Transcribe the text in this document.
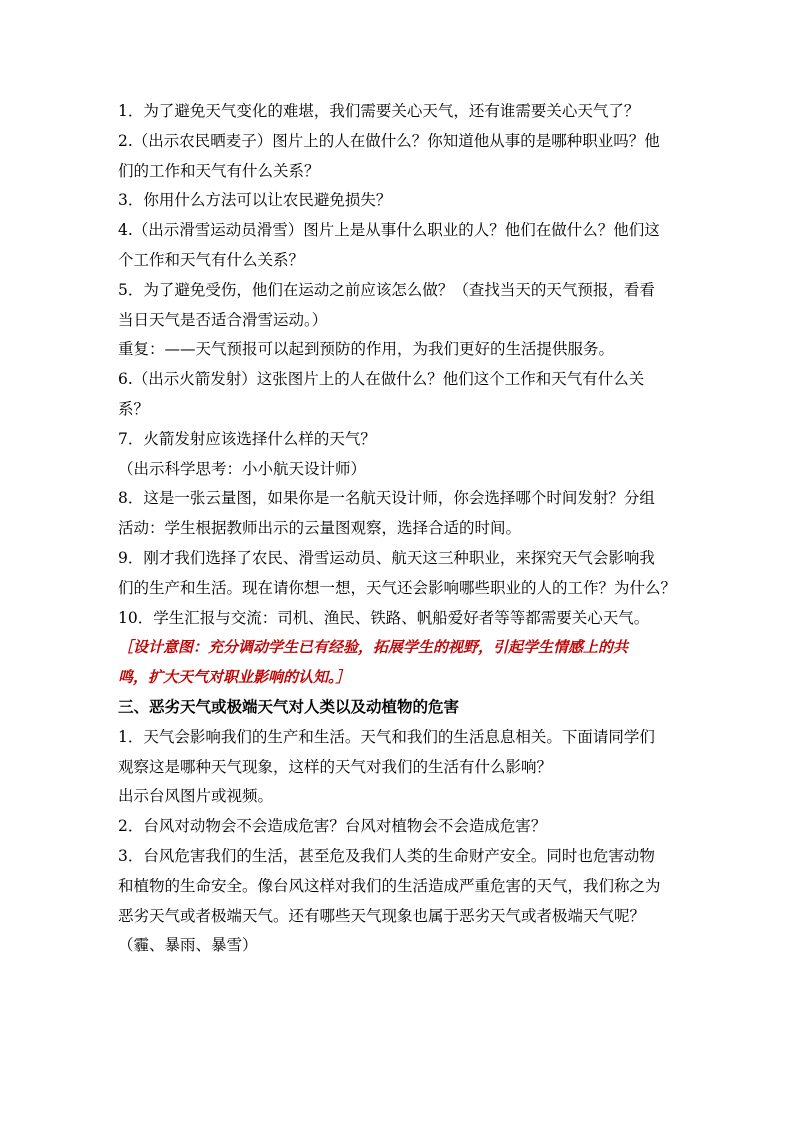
1．为了避免天气变化的难堪，我们需要关心天气，还有谁需要关心天气了？
2.（出示农民晒麦子）图片上的人在做什么？你知道他从事的是哪种职业吗？他
们的工作和天气有什么关系？
3．你用什么方法可以让农民避免损失？
4.（出示滑雪运动员滑雪）图片上是从事什么职业的人？他们在做什么？他们这
个工作和天气有什么关系？
5．为了避免受伤，他们在运动之前应该怎么做？（查找当天的天气预报，看看
当日天气是否适合滑雪运动。）
重复：——天气预报可以起到预防的作用，为我们更好的生活提供服务。
6.（出示火箭发射）这张图片上的人在做什么？他们这个工作和天气有什么关
系？
7．火箭发射应该选择什么样的天气？
（出示科学思考：小小航天设计师）
8．这是一张云量图，如果你是一名航天设计师，你会选择哪个时间发射？分组
活动：学生根据教师出示的云量图观察，选择合适的时间。
9．刚才我们选择了农民、滑雪运动员、航天这三种职业，来探究天气会影响我
们的生产和生活。现在请你想一想，天气还会影响哪些职业的人的工作？为什么？
10．学生汇报与交流：司机、渔民、铁路、帆船爱好者等等都需要关心天气。
［设计意图：充分调动学生已有经验，拓展学生的视野，引起学生情感上的共
鸣，扩大天气对职业影响的认知。］
三、恶劣天气或极端天气对人类以及动植物的危害
1．天气会影响我们的生产和生活。天气和我们的生活息息相关。下面请同学们
观察这是哪种天气现象，这样的天气对我们的生活有什么影响？
出示台风图片或视频。
2．台风对动物会不会造成危害？台风对植物会不会造成危害？
3．台风危害我们的生活，甚至危及我们人类的生命财产安全。同时也危害动物
和植物的生命安全。像台风这样对我们的生活造成严重危害的天气，我们称之为
恶劣天气或者极端天气。还有哪些天气现象也属于恶劣天气或者极端天气呢？
（霾、暴雨、暴雪）
